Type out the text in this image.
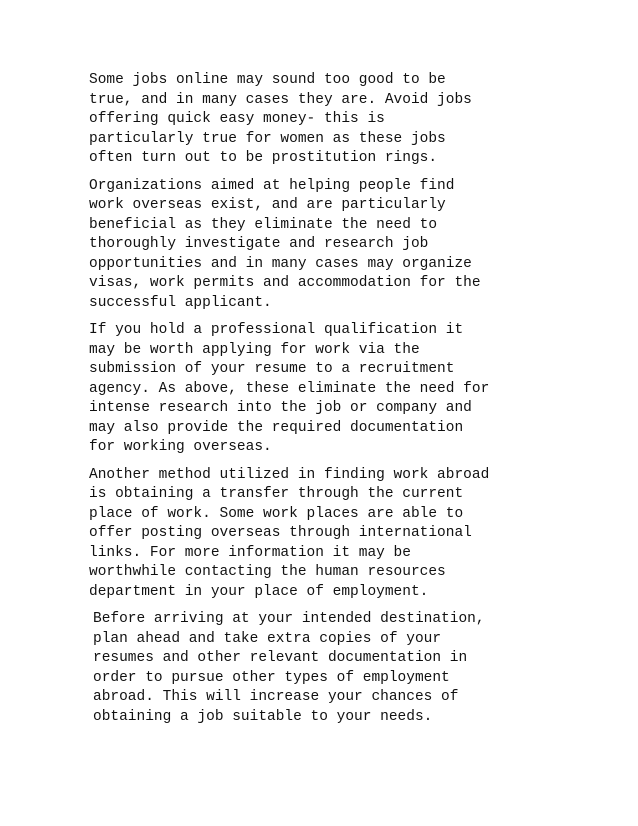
Some jobs online may sound too good to be
true, and in many cases they are. Avoid jobs
offering quick easy money- this is
particularly true for women as these jobs
often turn out to be prostitution rings.

Organizations aimed at helping people find
work overseas exist, and are particularly
beneficial as they eliminate the need to
thoroughly investigate and research job
opportunities and in many cases may organize
visas, work permits and accommodation for the
successful applicant.

If you hold a professional qualification it
may be worth applying for work via the
submission of your resume to a recruitment
agency. As above, these eliminate the need for
intense research into the job or company and
may also provide the required documentation
for working overseas.

Another method utilized in finding work abroad
is obtaining a transfer through the current
place of work. Some work places are able to
offer posting overseas through international
links. For more information it may be
worthwhile contacting the human resources
department in your place of employment.

Before arriving at your intended destination,
plan ahead and take extra copies of your
resumes and other relevant documentation in
order to pursue other types of employment
abroad. This will increase your chances of
obtaining a job suitable to your needs.
